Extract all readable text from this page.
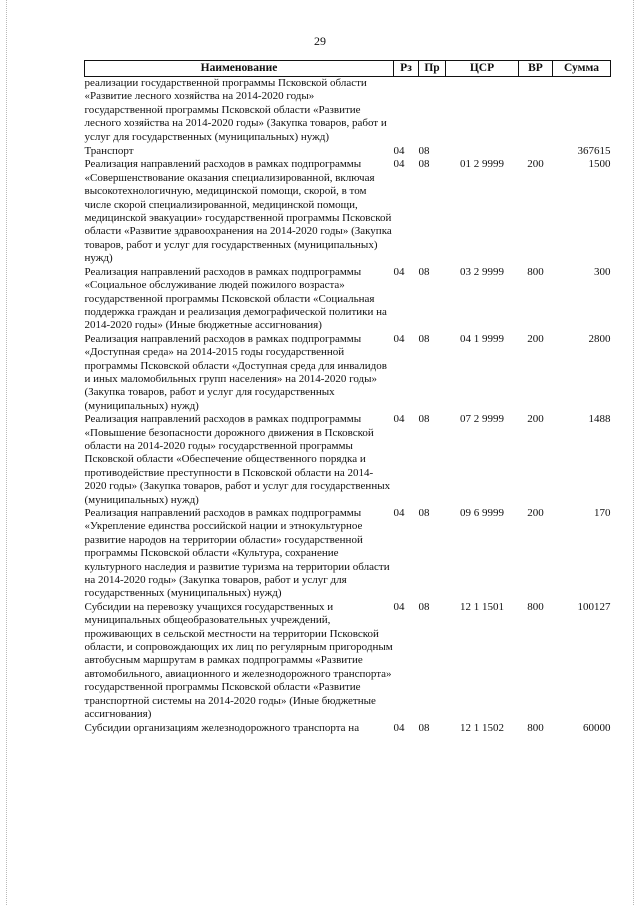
29
Наименование	Рз	Пр	ЦСР	ВР	Сумма
реализации государственной программы Псковской области «Развитие лесного хозяйства на 2014-2020 годы» государственной программы Псковской области «Развитие лесного хозяйства на 2014-2020 годы» (Закупка товаров, работ и услуг для государственных (муниципальных) нужд)					
Транспорт	04	08			367615
Реализация направлений расходов в рамках подпрограммы «Совершенствование оказания специализированной, включая высокотехнологичную, медицинской помощи, скорой, в том числе скорой специализированной, медицинской помощи, медицинской эвакуации» государственной программы Псковской области «Развитие здравоохранения на 2014-2020 годы» (Закупка товаров, работ и услуг для государственных (муниципальных) нужд)	04	08	01 2 9999	200	1500
Реализация направлений расходов в рамках подпрограммы «Социальное обслуживание людей пожилого возраста» государственной программы Псковской области «Социальная поддержка граждан и реализация демографической политики на 2014-2020 годы» (Иные бюджетные ассигнования)	04	08	03 2 9999	800	300
Реализация направлений расходов в рамках подпрограммы «Доступная среда» на 2014-2015 годы государственной программы Псковской области «Доступная среда для инвалидов и иных маломобильных групп населения» на 2014-2020 годы» (Закупка товаров, работ и услуг для государственных (муниципальных) нужд)	04	08	04 1 9999	200	2800
Реализация направлений расходов в рамках подпрограммы «Повышение безопасности дорожного движения в Псковской области на 2014-2020 годы» государственной программы Псковской области «Обеспечение общественного порядка и противодействие преступности в Псковской области на 2014-2020 годы» (Закупка товаров, работ и услуг для государственных (муниципальных) нужд)	04	08	07 2 9999	200	1488
Реализация направлений расходов в рамках подпрограммы «Укрепление единства российской нации и этнокультурное развитие народов на территории области» государственной программы Псковской области «Культура, сохранение культурного наследия и развитие туризма на территории области на 2014-2020 годы» (Закупка товаров, работ и услуг для государственных (муниципальных) нужд)	04	08	09 6 9999	200	170
Субсидии на перевозку учащихся государственных и муниципальных общеобразовательных учреждений, проживающих в сельской местности на территории Псковской области, и сопровождающих их лиц по регулярным пригородным автобусным маршрутам в рамках подпрограммы «Развитие автомобильного, авиационного и железнодорожного транспорта» государственной программы Псковской области «Развитие транспортной системы на 2014-2020 годы» (Иные бюджетные ассигнования)	04	08	12 1 1501	800	100127
Субсидии организациям железнодорожного транспорта на	04	08	12 1 1502	800	60000
